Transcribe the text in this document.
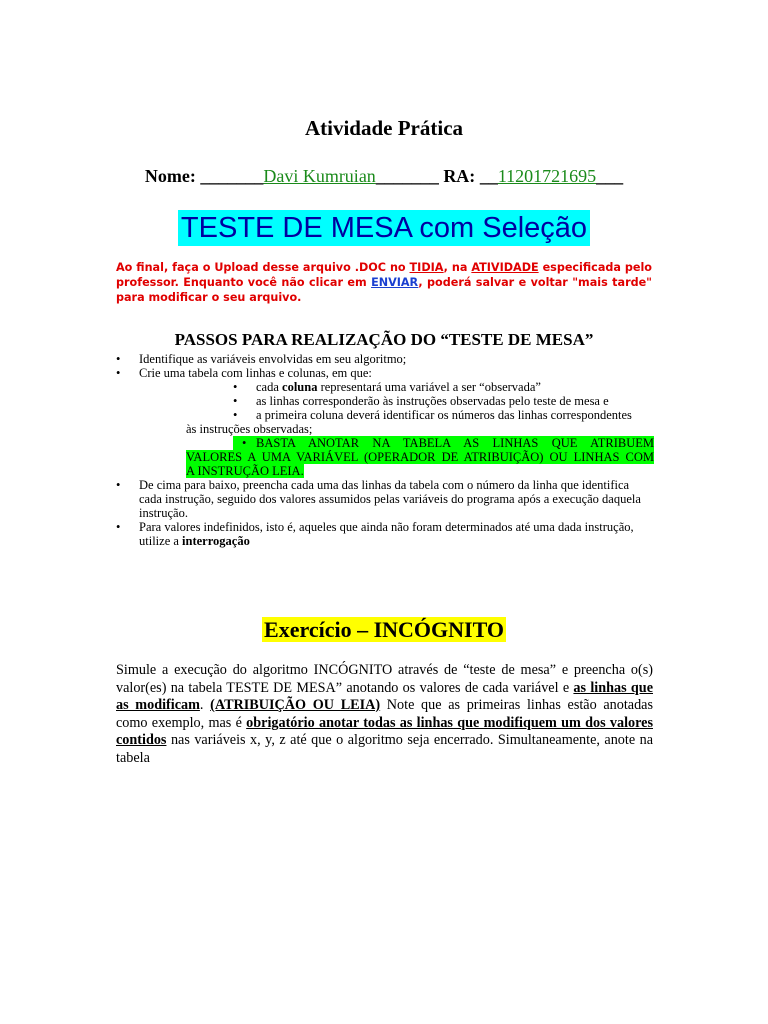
Atividade Prática
Nome: _______Davi Kumruian_______ RA: __11201721695___
TESTE DE MESA com Seleção
Ao final, faça o Upload desse arquivo .DOC no TIDIA, na ATIVIDADE especificada pelo professor. Enquanto você não clicar em ENVIAR, poderá salvar e voltar "mais tarde" para modificar o seu arquivo.
PASSOS PARA REALIZAÇÃO DO “TESTE DE MESA”
• Identifique as variáveis envolvidas em seu algoritmo;
• Crie uma tabela com linhas e colunas, em que:
• cada coluna representará uma variável a ser “observada”
• as linhas corresponderão às instruções observadas pelo teste de mesa e
• a primeira coluna deverá identificar os números das linhas correspondentes
às instruções observadas;
• BASTA ANOTAR NA TABELA AS LINHAS QUE ATRIBUEM
VALORES A UMA VARIÁVEL (OPERADOR DE ATRIBUIÇÃO) OU LINHAS COM
A INSTRUÇÃO LEIA.
• De cima para baixo, preencha cada uma das linhas da tabela com o número da linha que identifica
cada instrução, seguido dos valores assumidos pelas variáveis do programa após a execução daquela
instrução.
• Para valores indefinidos, isto é, aqueles que ainda não foram determinados até uma dada instrução,
utilize a interrogação
Exercício – INCÓGNITO
Simule a execução do algoritmo INCÓGNITO através de “teste de mesa” e preencha o(s) valor(es) na tabela TESTE DE MESA” anotando os valores de cada variável e as linhas que as modificam. (ATRIBUIÇÃO OU LEIA) Note que as primeiras linhas estão anotadas como exemplo, mas é obrigatório anotar todas as linhas que modifiquem um dos valores contidos nas variáveis x, y, z até que o algoritmo seja encerrado. Simultaneamente, anote na tabela
